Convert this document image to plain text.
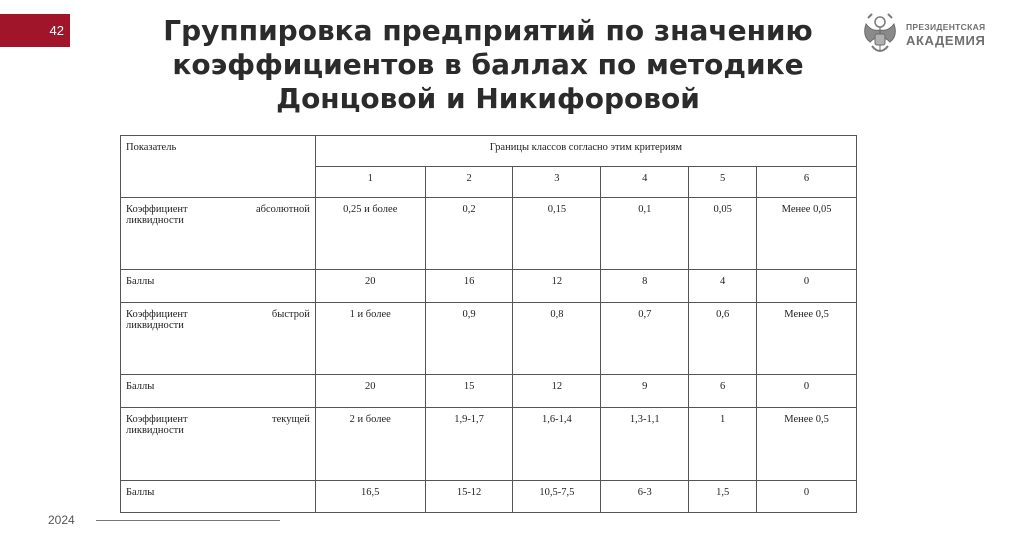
42	Группировка предприятий по значению
коэффициентов в баллах по методике
Донцовой и Никифоровой
ПРЕЗИДЕНТСКАЯ
АКАДЕМИЯ
Показатель	Границы классов согласно этим критериям					
	1	2	3	4	5	6

Коэффициент абсолютной
ликвидности	0,25 и более	0,2	0,15	0,1	0,05	Менее 0,05
Баллы	20	16	12	8	4	0

Коэффициент быстрой
ликвидности	1 и более	0,9	0,8	0,7	0,6	Менее 0,5
Баллы	20	15	12	9	6	0

Коэффициент текущей
ликвидности	2 и более	1,9-1,7	1,6-1,4	1,3-1,1	1	Менее 0,5
Баллы	16,5	15-12	10,5-7,5	6-3	1,5	0
2024
